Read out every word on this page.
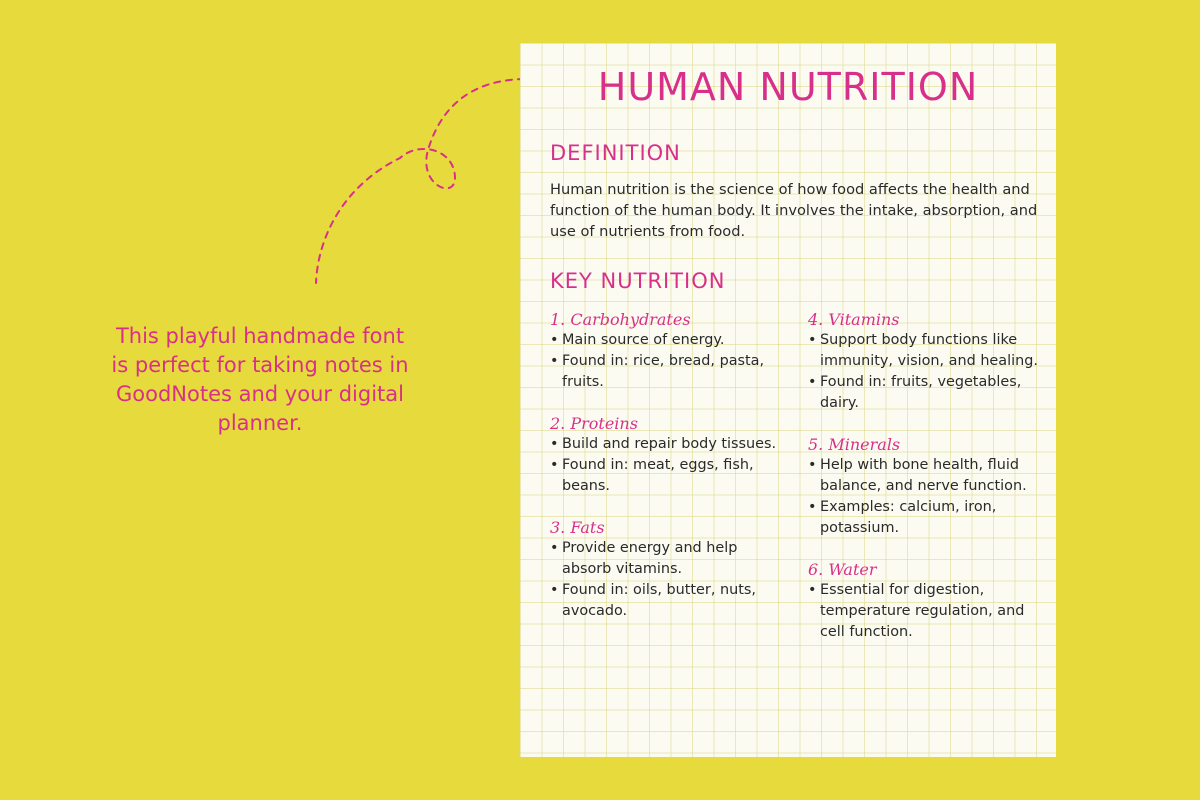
This playful handmade font is perfect for taking notes in GoodNotes and your digital planner.
HUMAN NUTRITION
DEFINITION
Human nutrition is the science of how food affects the health and function of the human body. It involves the intake, absorption, and use of nutrients from food.
KEY NUTRITION
1. Carbohydrates
• Main source of energy.
• Found in: rice, bread, pasta, fruits.
2. Proteins
• Build and repair body tissues.
• Found in: meat, eggs, fish, beans.
3. Fats
• Provide energy and help absorb vitamins.
• Found in: oils, butter, nuts, avocado.
4. Vitamins
• Support body functions like immunity, vision, and healing.
• Found in: fruits, vegetables, dairy.
5. Minerals
• Help with bone health, fluid balance, and nerve function.
• Examples: calcium, iron, potassium.
6. Water
• Essential for digestion, temperature regulation, and cell function.
